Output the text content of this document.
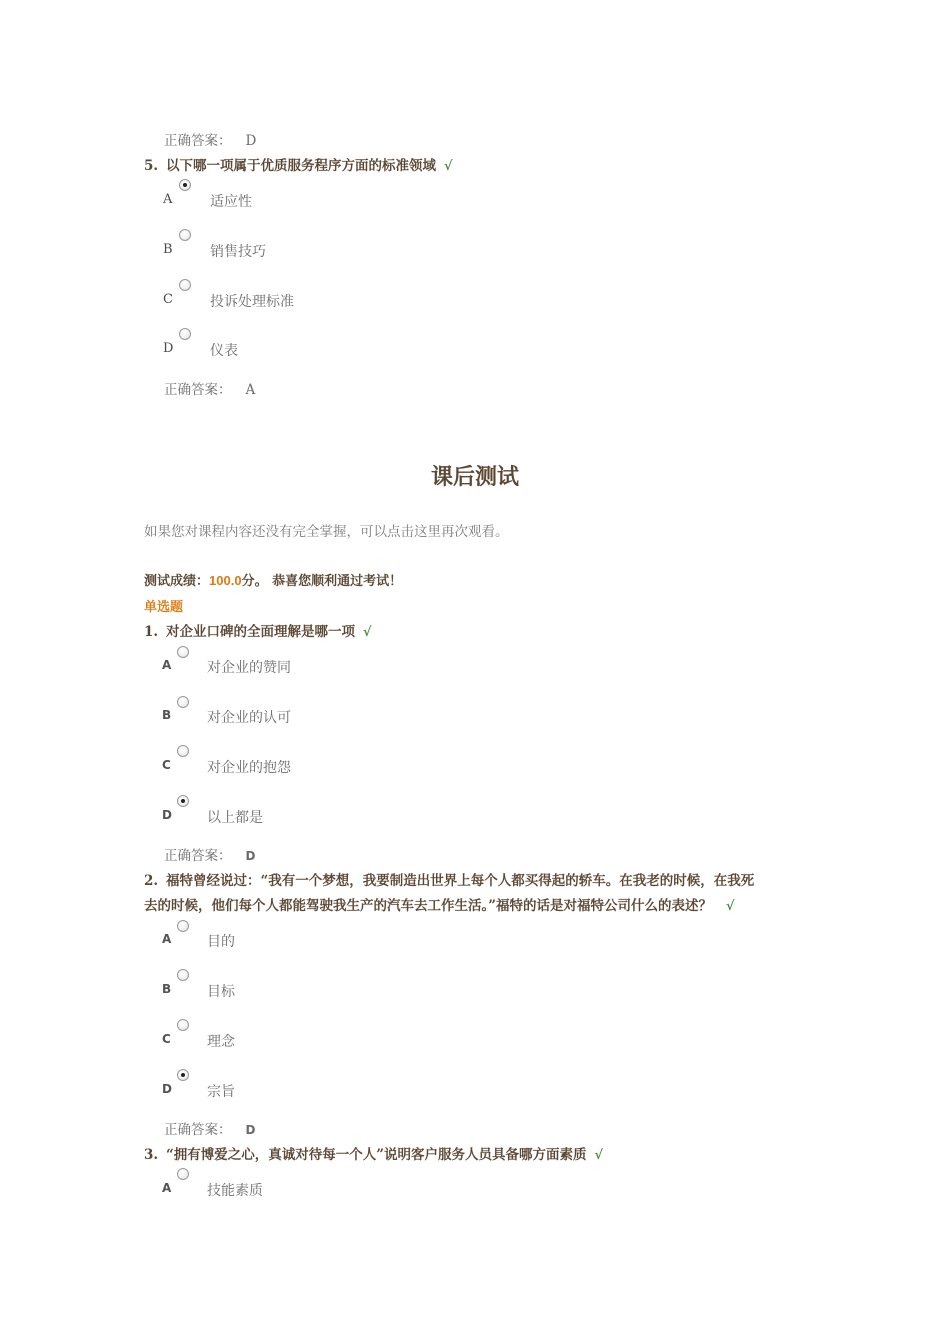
正确答案： D
5. 以下哪一项属于优质服务程序方面的标准领域 √
A	适应性
B	销售技巧
C	投诉处理标准
D	仪表
正确答案： A
课后测试
如果您对课程内容还没有完全掌握，可以点击这里再次观看。
测试成绩：100.0分。 恭喜您顺利通过考试！
单选题
1. 对企业口碑的全面理解是哪一项 √
A	对企业的赞同
B	对企业的认可
C	对企业的抱怨
D	以上都是
正确答案： D
2. 福特曾经说过：“我有一个梦想，我要制造出世界上每个人都买得起的轿车。在我老的时候，在我死
去的时候，他们每个人都能驾驶我生产的汽车去工作生活。”福特的话是对福特公司什么的表述？ √
A	目的
B	目标
C	理念
D	宗旨
正确答案： D
3. “拥有博爱之心，真诚对待每一个人”说明客户服务人员具备哪方面素质 √
A	技能素质
